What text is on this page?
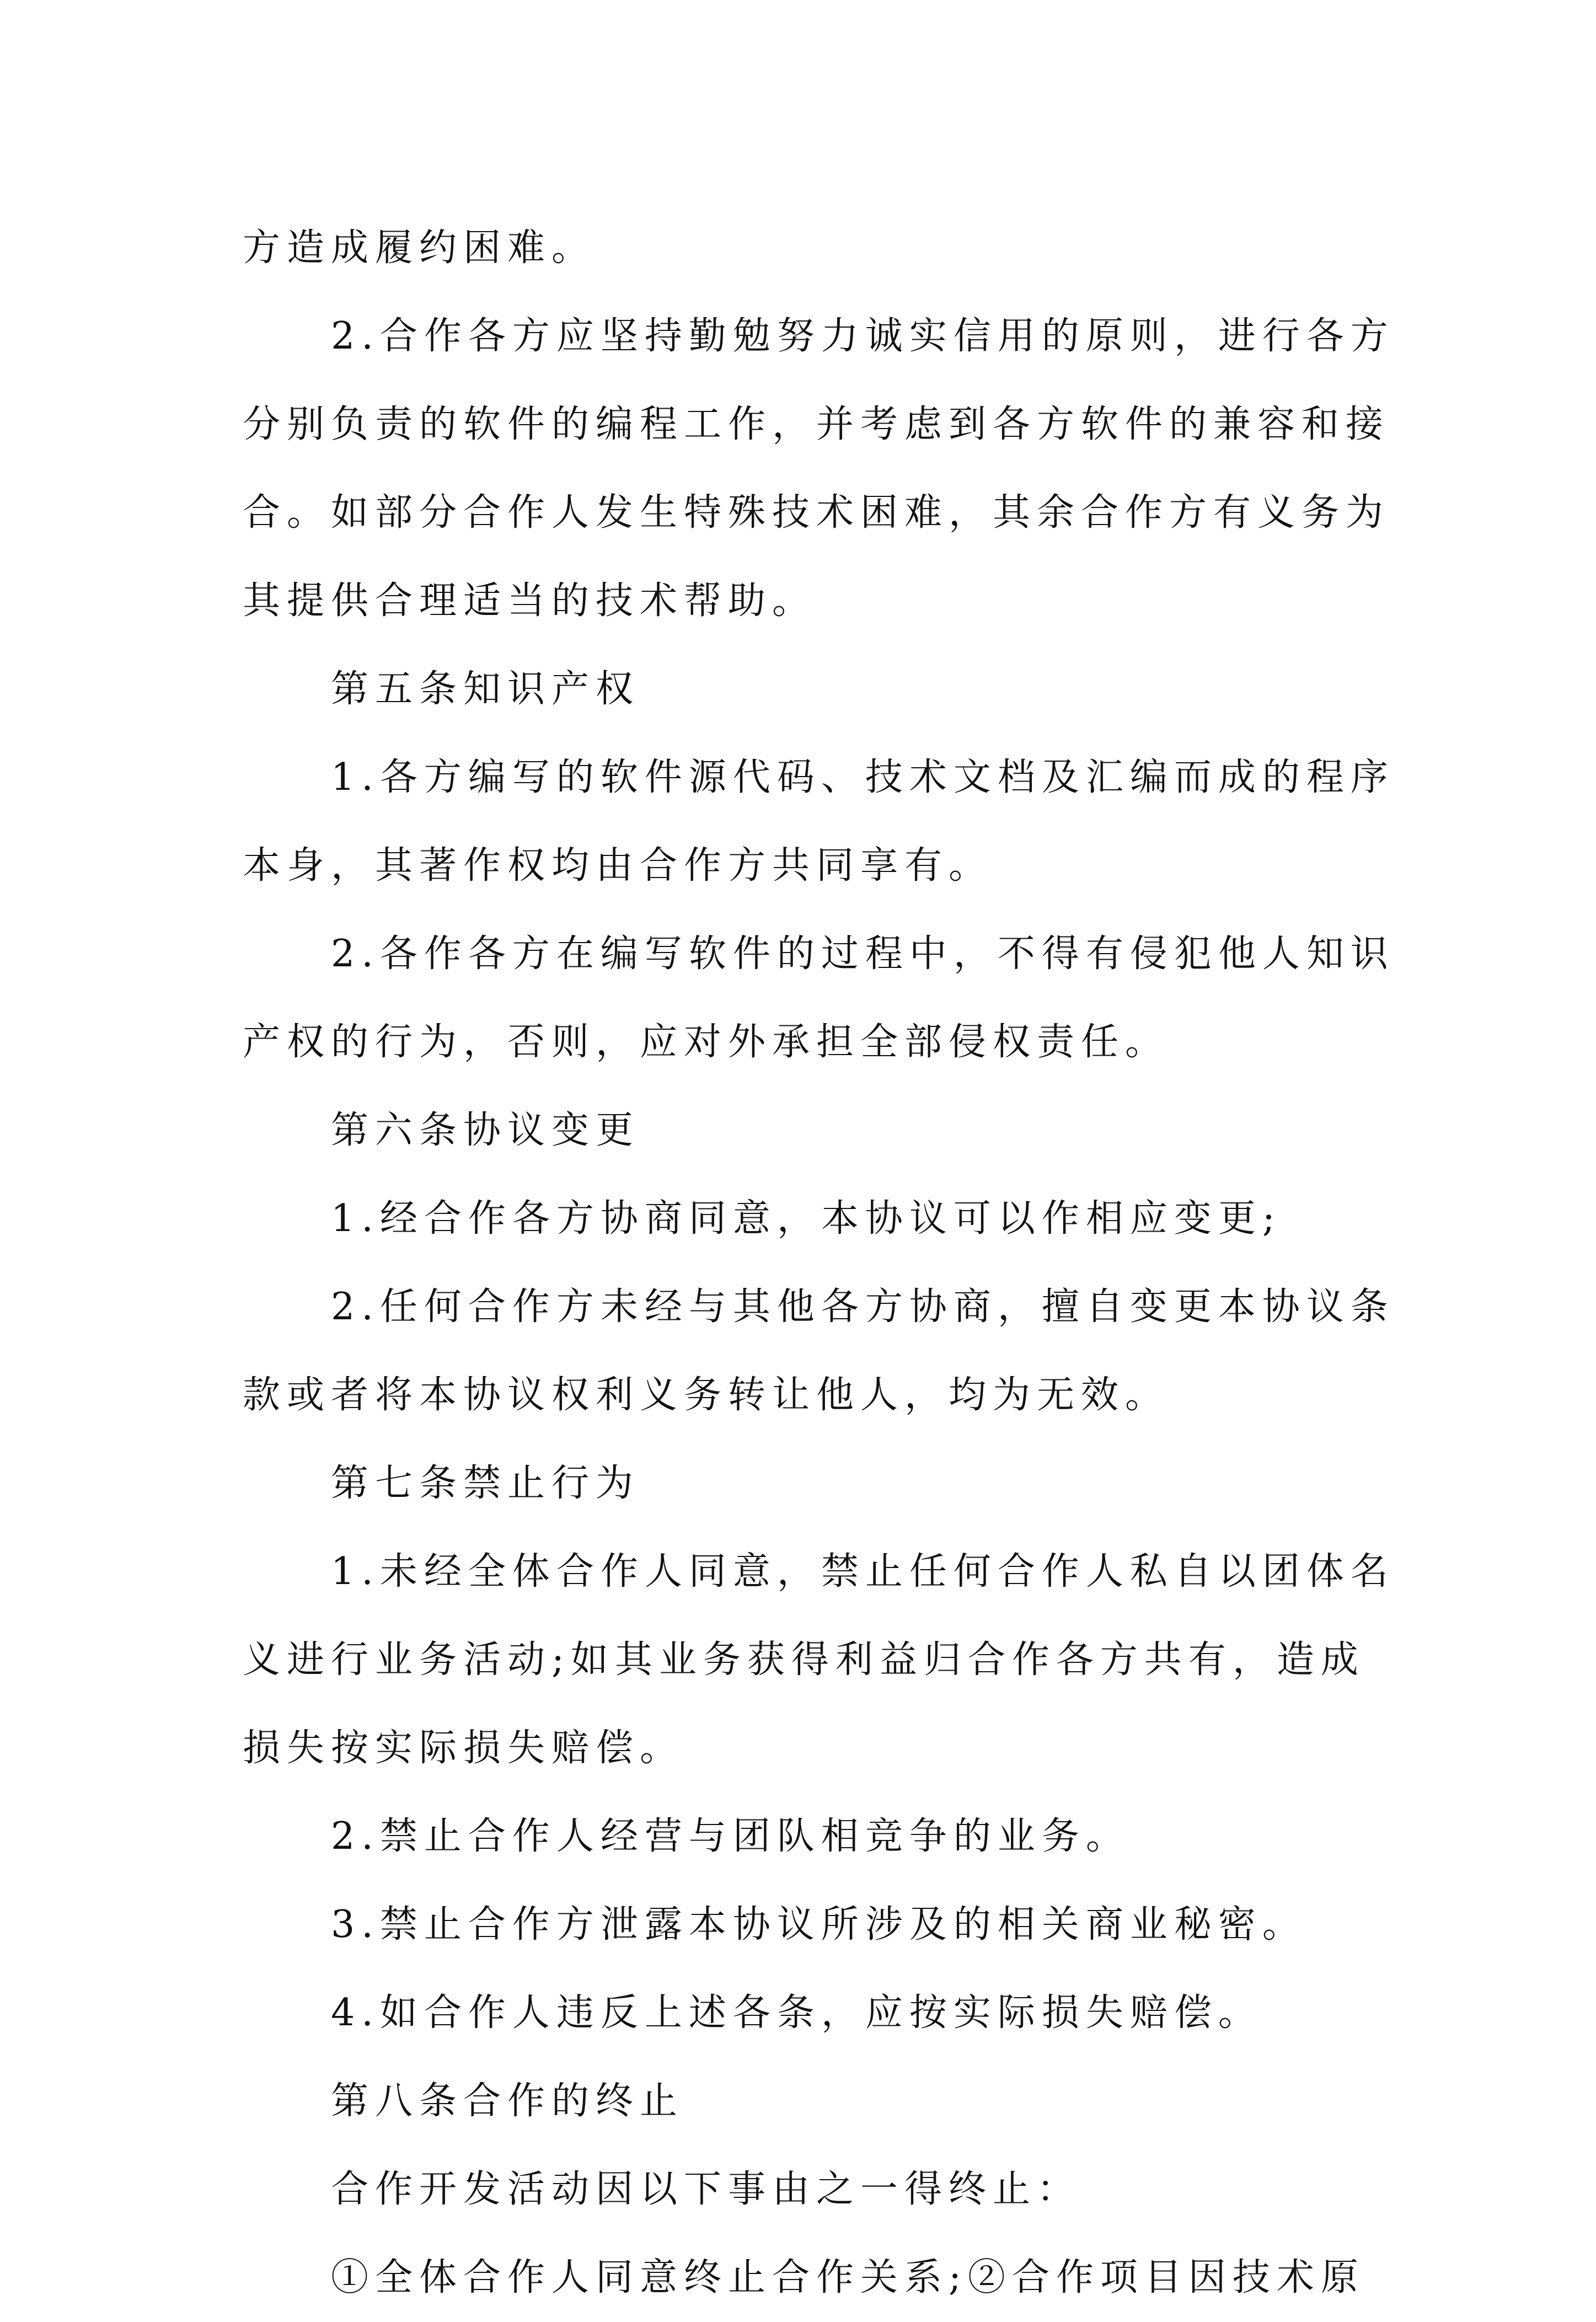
方造成履约困难。
2.合作各方应坚持勤勉努力诚实信用的原则，进行各方
分别负责的软件的编程工作，并考虑到各方软件的兼容和接
合。如部分合作人发生特殊技术困难，其余合作方有义务为
其提供合理适当的技术帮助。
第五条知识产权
1.各方编写的软件源代码、技术文档及汇编而成的程序
本身，其著作权均由合作方共同享有。
2.各作各方在编写软件的过程中，不得有侵犯他人知识
产权的行为，否则，应对外承担全部侵权责任。
第六条协议变更
1.经合作各方协商同意，本协议可以作相应变更;
2.任何合作方未经与其他各方协商，擅自变更本协议条
款或者将本协议权利义务转让他人，均为无效。
第七条禁止行为
1.未经全体合作人同意，禁止任何合作人私自以团体名
义进行业务活动;如其业务获得利益归合作各方共有，造成
损失按实际损失赔偿。
2.禁止合作人经营与团队相竞争的业务。
3.禁止合作方泄露本协议所涉及的相关商业秘密。
4.如合作人违反上述各条，应按实际损失赔偿。
第八条合作的终止
合作开发活动因以下事由之一得终止：
①全体合作人同意终止合作关系;②合作项目因技术原
